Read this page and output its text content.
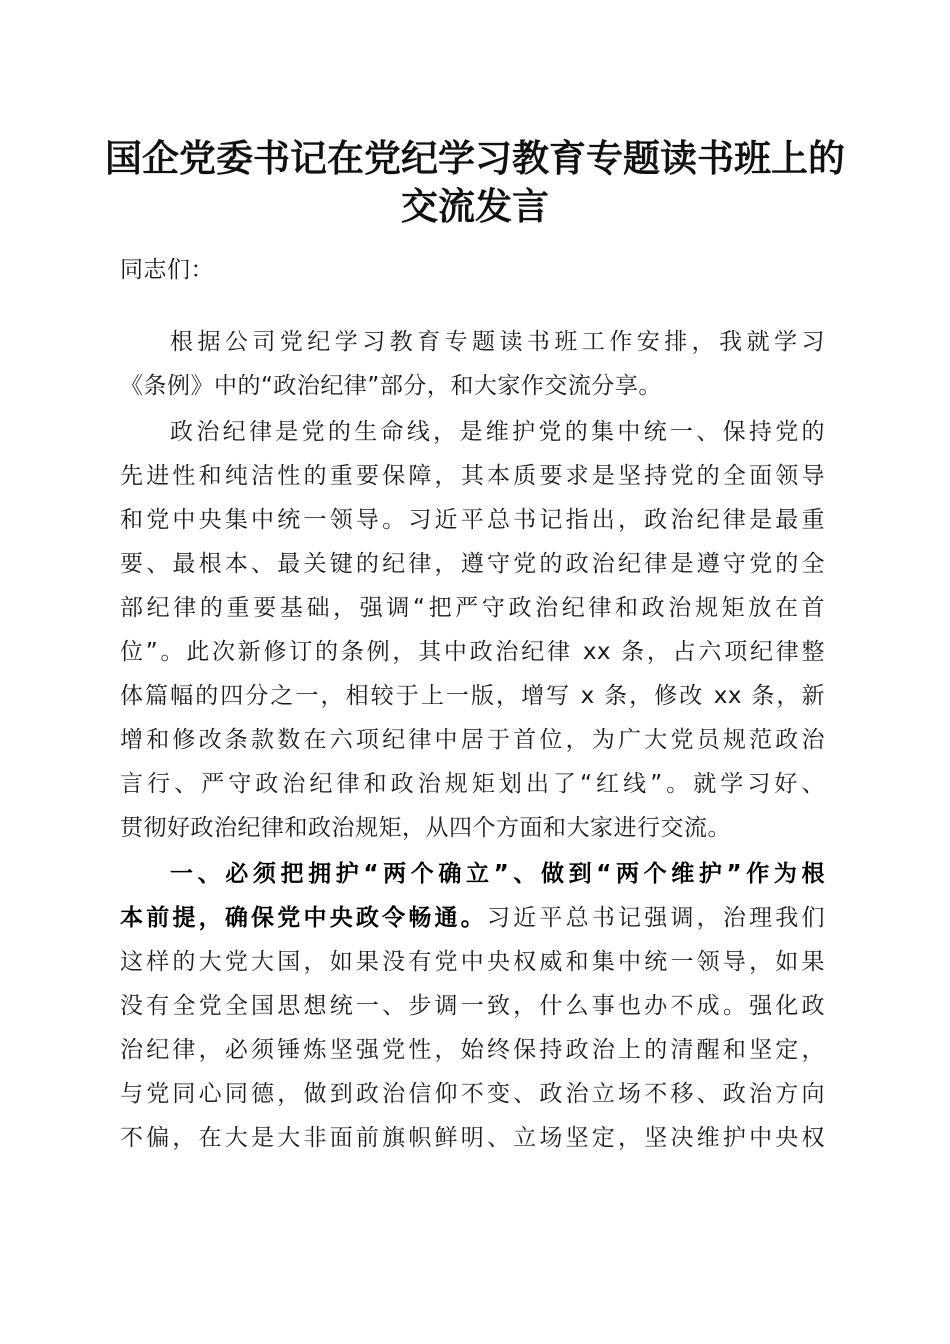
国企党委书记在党纪学习教育专题读书班上的
交流发言
同志们：
根据公司党纪学习教育专题读书班工作安排，我就学习
《条例》中的“政治纪律”部分，和大家作交流分享。
政治纪律是党的生命线，是维护党的集中统一、保持党的
先进性和纯洁性的重要保障，其本质要求是坚持党的全面领导
和党中央集中统一领导。习近平总书记指出，政治纪律是最重
要、最根本、最关键的纪律，遵守党的政治纪律是遵守党的全
部纪律的重要基础，强调“把严守政治纪律和政治规矩放在首
位”。此次新修订的条例，其中政治纪律 xx 条，占六项纪律整
体篇幅的四分之一，相较于上一版，增写 x 条，修改 xx 条，新
增和修改条款数在六项纪律中居于首位，为广大党员规范政治
言行、严守政治纪律和政治规矩划出了“红线”。就学习好、
贯彻好政治纪律和政治规矩，从四个方面和大家进行交流。
一、必须把拥护“两个确立”、做到“两个维护”作为根
本前提，确保党中央政令畅通。习近平总书记强调，治理我们
这样的大党大国，如果没有党中央权威和集中统一领导，如果
没有全党全国思想统一、步调一致，什么事也办不成。强化政
治纪律，必须锤炼坚强党性，始终保持政治上的清醒和坚定，
与党同心同德，做到政治信仰不变、政治立场不移、政治方向
不偏，在大是大非面前旗帜鲜明、立场坚定，坚决维护中央权
